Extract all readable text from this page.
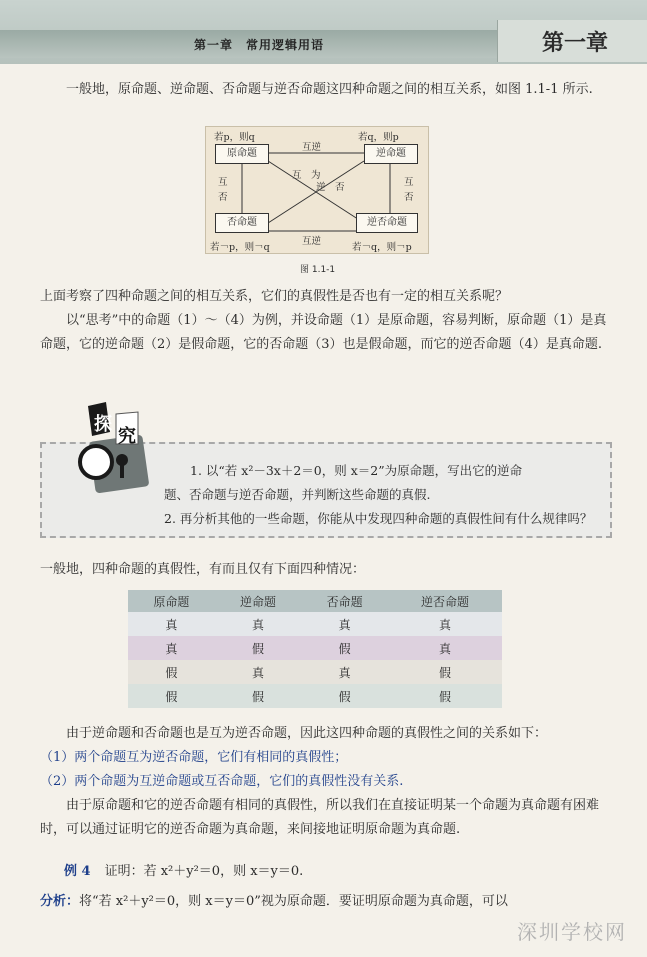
第一章　常用逻辑用语	第一章
一般地，原命题、逆命题、否命题与逆否命题这四种命题之间的相互关系，如图 1.1-1 所示.
若p，则q	若q，则p
原命题	逆命题
否命题	逆否命题
互逆
互逆
互
否
互
否
互　为
逆　否
若￢p，则￢q	若￢q，则￢p
图 1.1-1
上面考察了四种命题之间的相互关系，它们的真假性是否也有一定的相互关系呢？
以“思考”中的命题（1）～（4）为例，并设命题（1）是原命题，容易判断，原命题（1）是真命题，它的逆命题（2）是假命题，它的否命题（3）也是假命题，而它的逆否命题（4）是真命题.
探
究
1. 以“若 x²－3x＋2＝0，则 x＝2”为原命题，写出它的逆命
题、否命题与逆否命题，并判断这些命题的真假.
2. 再分析其他的一些命题，你能从中发现四种命题的真假性间有什么规律吗？
一般地，四种命题的真假性，有而且仅有下面四种情况：
原命题	逆命题	否命题	逆否命题
真	真	真	真
真	假	假	真
假	真	真	假
假	假	假	假
由于逆命题和否命题也是互为逆否命题，因此这四种命题的真假性之间的关系如下：
（1）两个命题互为逆否命题，它们有相同的真假性；
（2）两个命题为互逆命题或互否命题，它们的真假性没有关系.
由于原命题和它的逆否命题有相同的真假性，所以我们在直接证明某一个命题为真命题有困难时，可以通过证明它的逆否命题为真命题，来间接地证明原命题为真命题.
例 4 证明：若 x²＋y²＝0，则 x＝y＝0.
分析：将“若 x²＋y²＝0，则 x＝y＝0”视为原命题．要证明原命题为真命题，可以
深圳学校网
